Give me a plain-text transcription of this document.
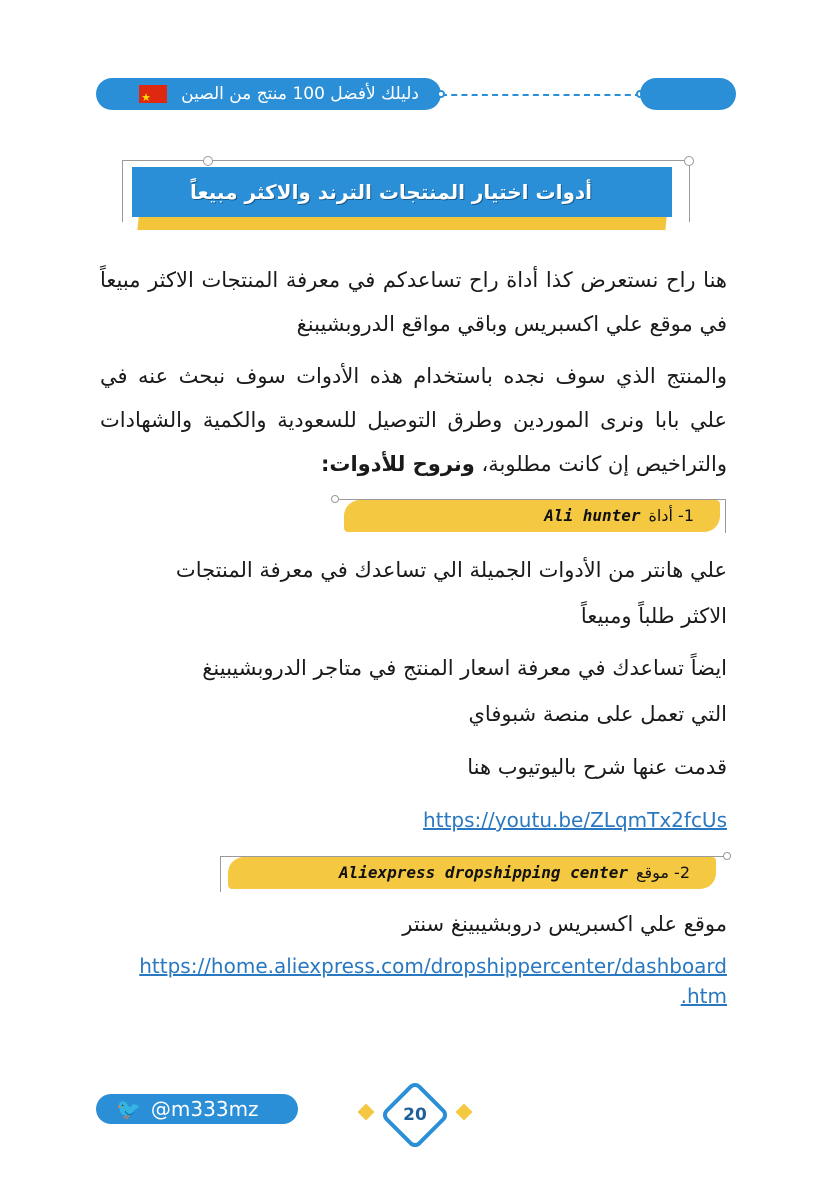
دليلك لأفضل 100 منتج من الصين
★
أدوات اختيار المنتجات الترند والاكثر مبيعاً
هنا راح نستعرض كذا أداة راح تساعدكم في معرفة المنتجات الاكثر مبيعاً في موقع علي اكسبريس وباقي مواقع الدروبشيبنغ
والمنتج الذي سوف نجده باستخدام هذه الأدوات سوف نبحث عنه في علي بابا ونرى الموردين وطرق التوصيل للسعودية والكمية والشهادات والتراخيص إن كانت مطلوبة، ونروح للأدوات:
1- أداة
Ali hunter
علي هانتر من الأدوات الجميلة الي تساعدك في معرفة المنتجات
الاكثر طلباً ومبيعاً
ايضاً تساعدك في معرفة اسعار المنتج في متاجر الدروبشيبينغ
التي تعمل على منصة شبوفاي
قدمت عنها شرح باليوتيوب هنا
https://youtu.be/ZLqmTx2fcUs
2- موقع
Aliexpress dropshipping center
موقع علي اكسبريس دروبشيبينغ سنتر
https://home.aliexpress.com/dropshippercenter/dashboard
.htm
🐦 @m333mz	20
